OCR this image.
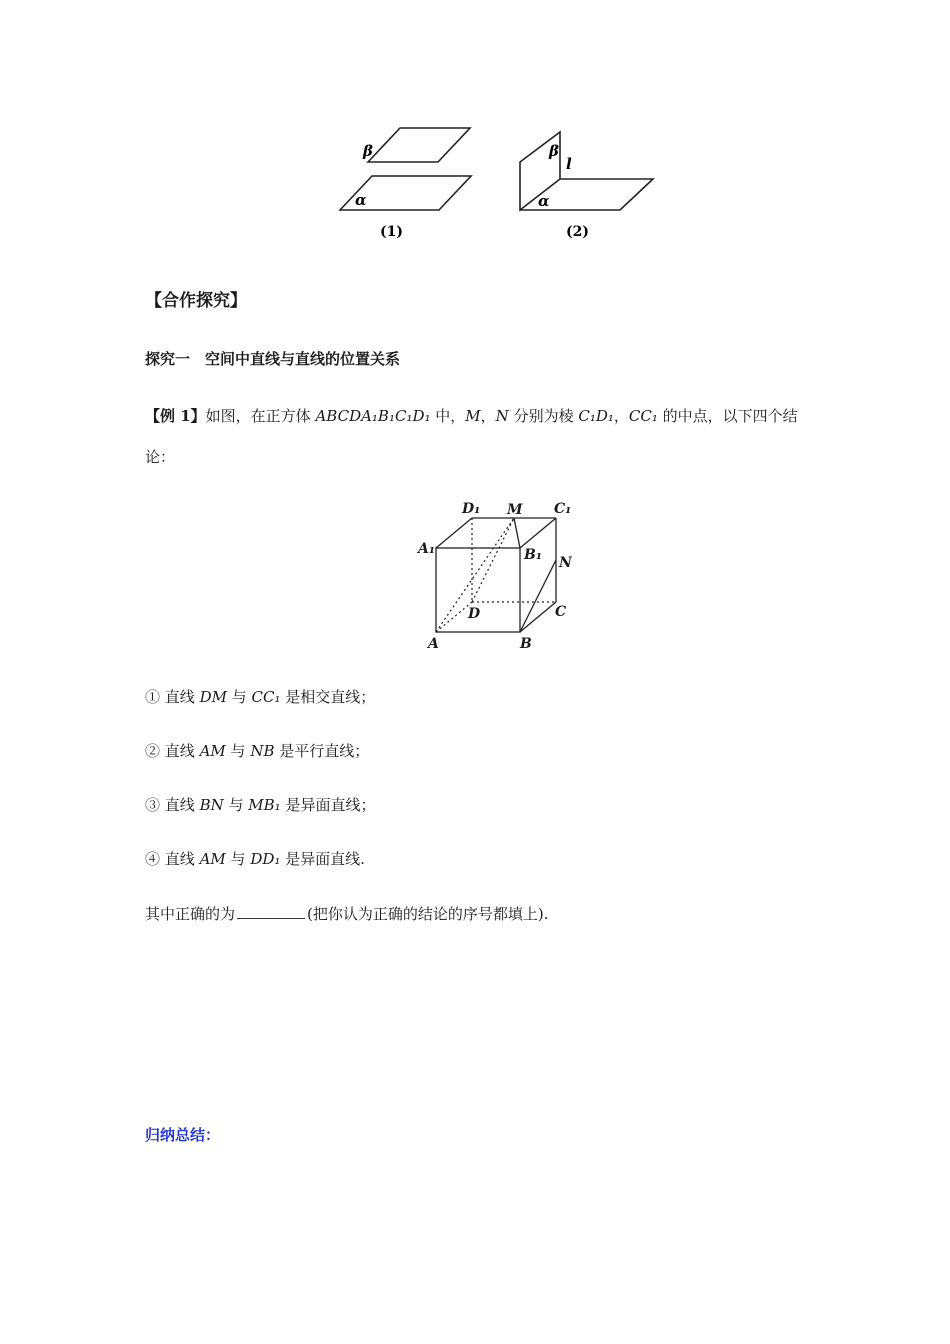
β
α
(1)
β
l
α
(2)
【合作探究】
探究一　空间中直线与直线的位置关系
【例 1】如图，在正方体 ABCDA₁B₁C₁D₁ 中，M，N 分别为棱 C₁D₁，CC₁ 的中点，以下四个结
论：
D₁ M C₁
A₁	B₁ N
D	C
A	B
① 直线 DM 与 CC₁ 是相交直线；
② 直线 AM 与 NB 是平行直线；
③ 直线 BN 与 MB₁ 是异面直线；
④ 直线 AM 与 DD₁ 是异面直线.
其中正确的为	(把你认为正确的结论的序号都填上).
归纳总结：
